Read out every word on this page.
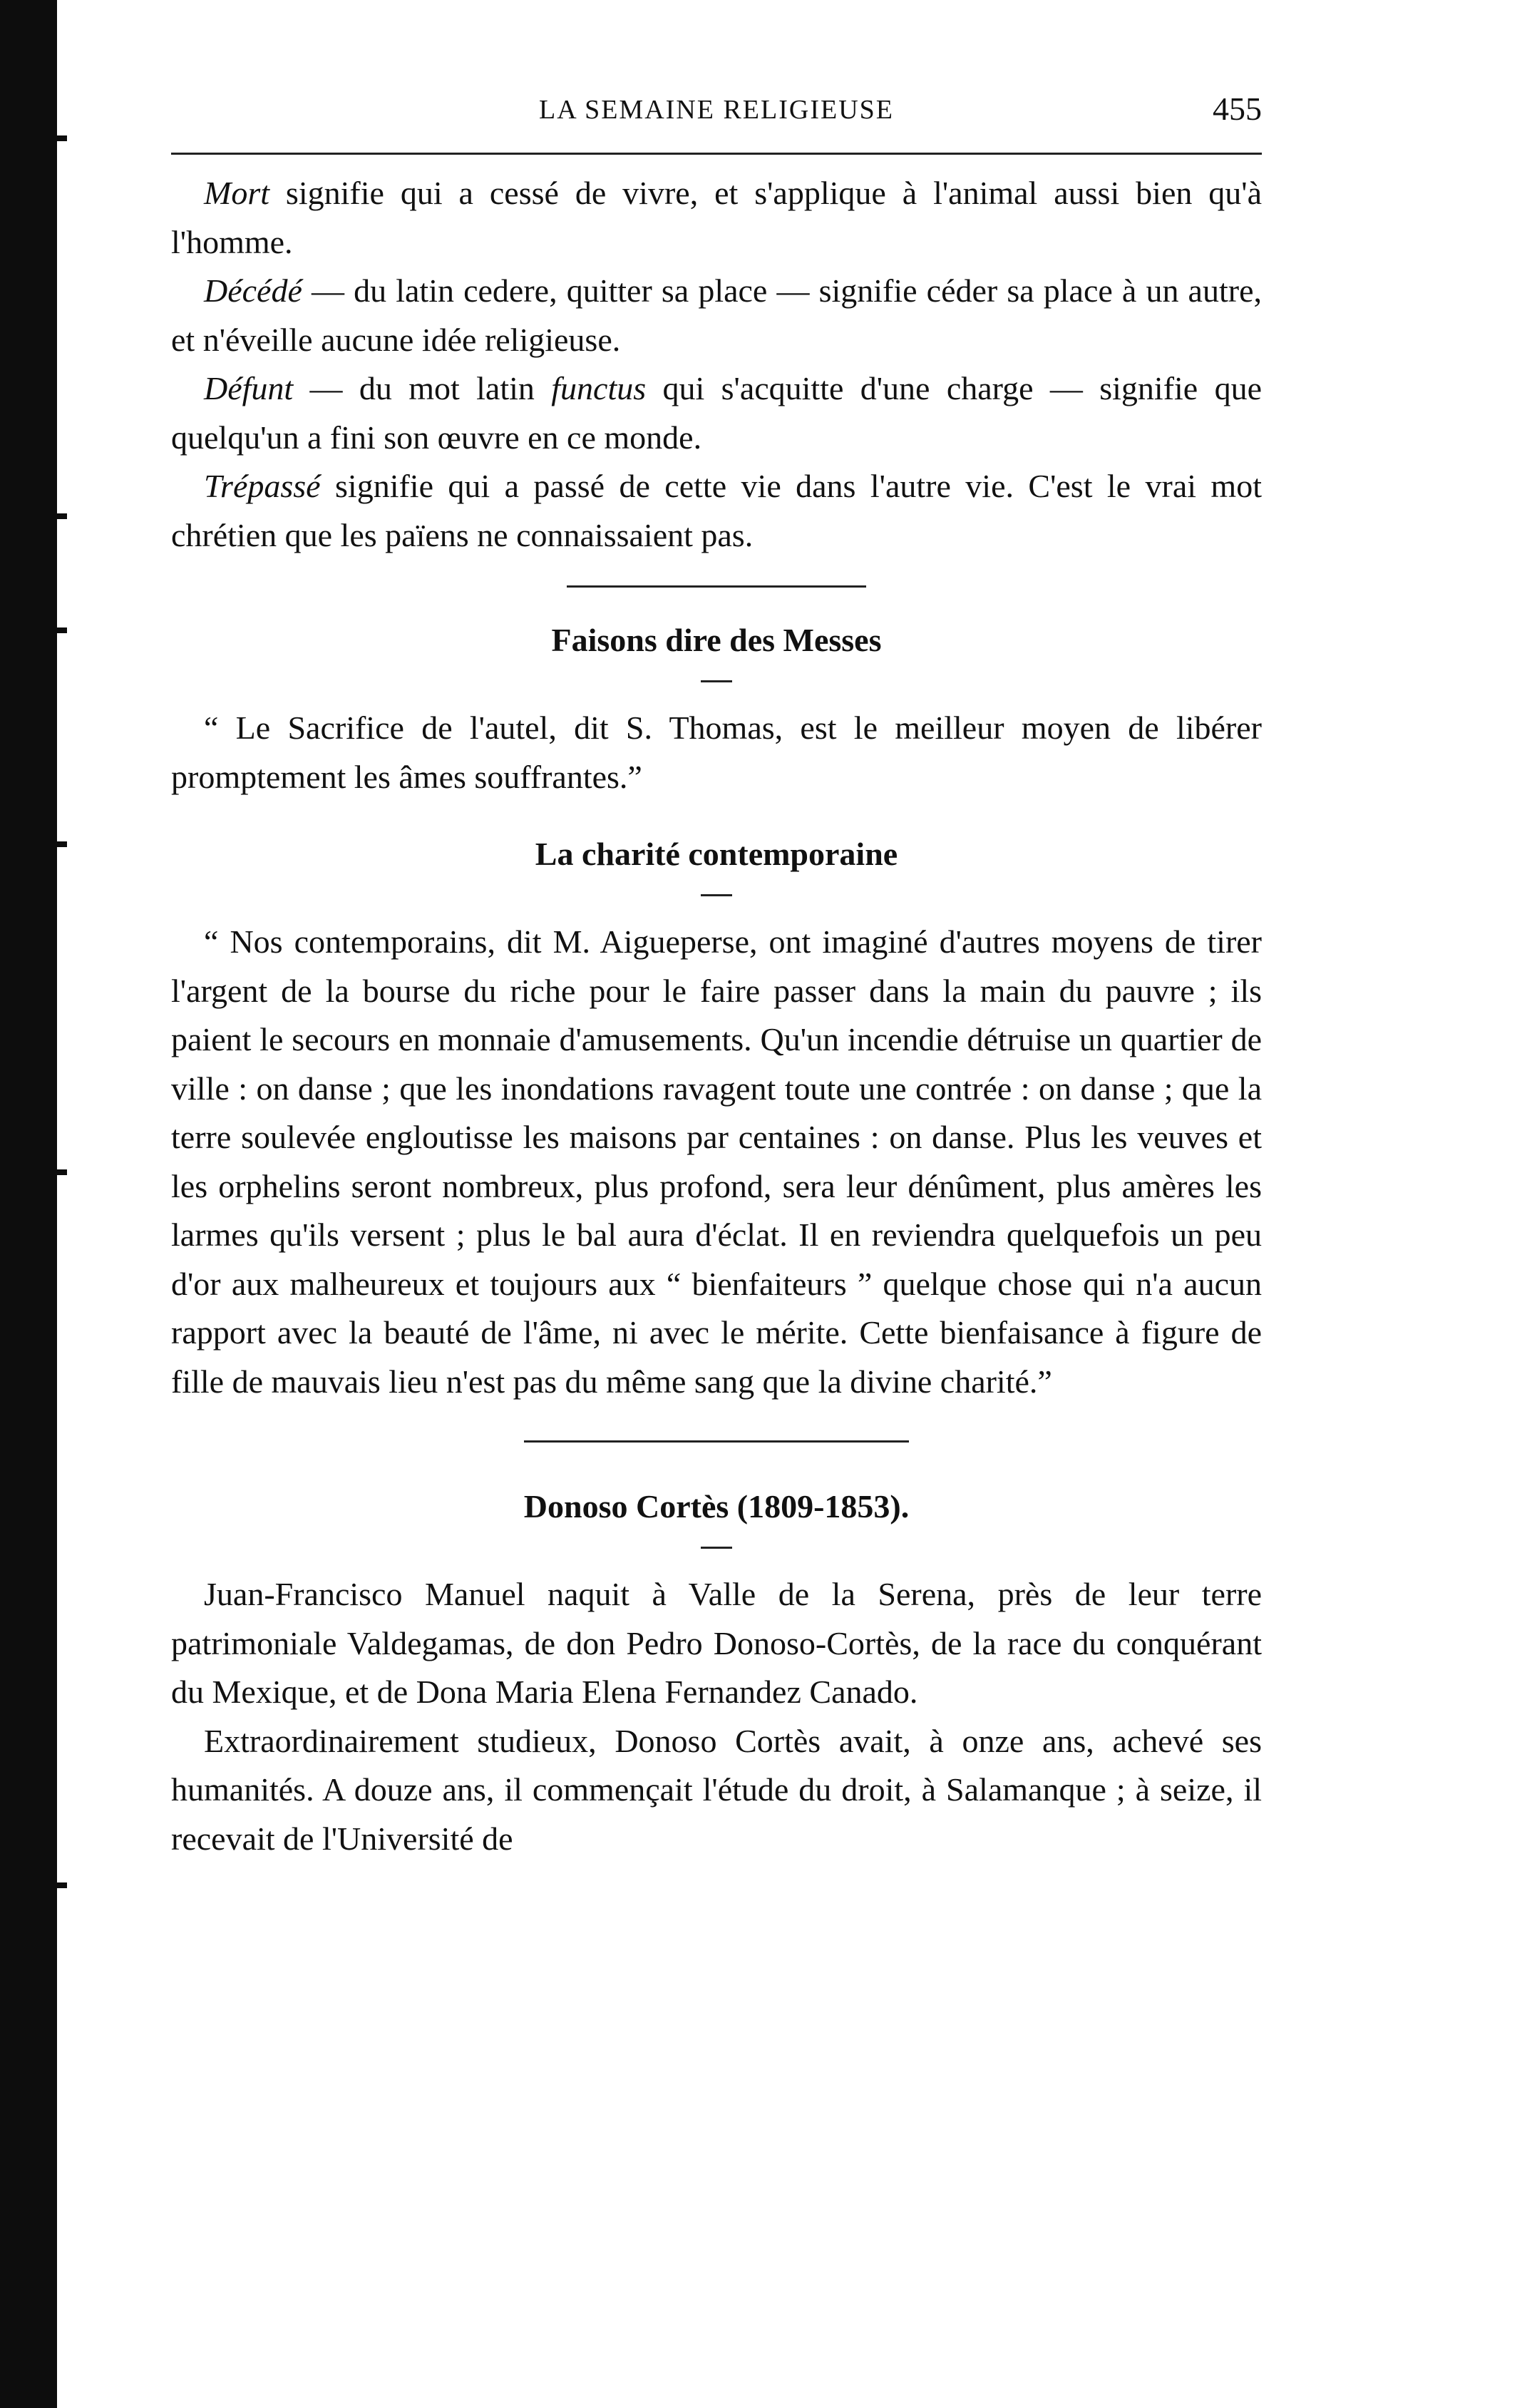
LA SEMAINE RELIGIEUSE	455

Mort signifie qui a cessé de vivre, et s'applique à l'animal aussi bien qu'à l'homme.

Décédé — du latin cedere, quitter sa place — signifie céder sa place à un autre, et n'éveille aucune idée religieuse.

Défunt — du mot latin functus qui s'acquitte d'une charge — signifie que quelqu'un a fini son œuvre en ce monde.

Trépassé signifie qui a passé de cette vie dans l'autre vie. C'est le vrai mot chrétien que les païens ne connaissaient pas.

Faisons dire des Messes

“ Le Sacrifice de l'autel, dit S. Thomas, est le meilleur moyen de libérer promptement les âmes souffrantes.”

La charité contemporaine

“ Nos contemporains, dit M. Aigueperse, ont imaginé d'autres moyens de tirer l'argent de la bourse du riche pour le faire passer dans la main du pauvre ; ils paient le secours en monnaie d'amusements. Qu'un incendie détruise un quartier de ville : on danse ; que les inondations ravagent toute une contrée : on danse ; que la terre soulevée engloutisse les maisons par centaines : on danse. Plus les veuves et les orphelins seront nombreux, plus profond, sera leur dénûment, plus amères les larmes qu'ils versent ; plus le bal aura d'éclat. Il en reviendra quelquefois un peu d'or aux malheureux et toujours aux “ bienfaiteurs ” quelque chose qui n'a aucun rapport avec la beauté de l'âme, ni avec le mérite. Cette bienfaisance à figure de fille de mauvais lieu n'est pas du même sang que la divine charité.”

Donoso Cortès (1809-1853).

Juan-Francisco Manuel naquit à Valle de la Serena, près de leur terre patrimoniale Valdegamas, de don Pedro Donoso-Cortès, de la race du conquérant du Mexique, et de Dona Maria Elena Fernandez Canado.

Extraordinairement studieux, Donoso Cortès avait, à onze ans, achevé ses humanités. A douze ans, il commençait l'étude du droit, à Salamanque ; à seize, il recevait de l'Université de
